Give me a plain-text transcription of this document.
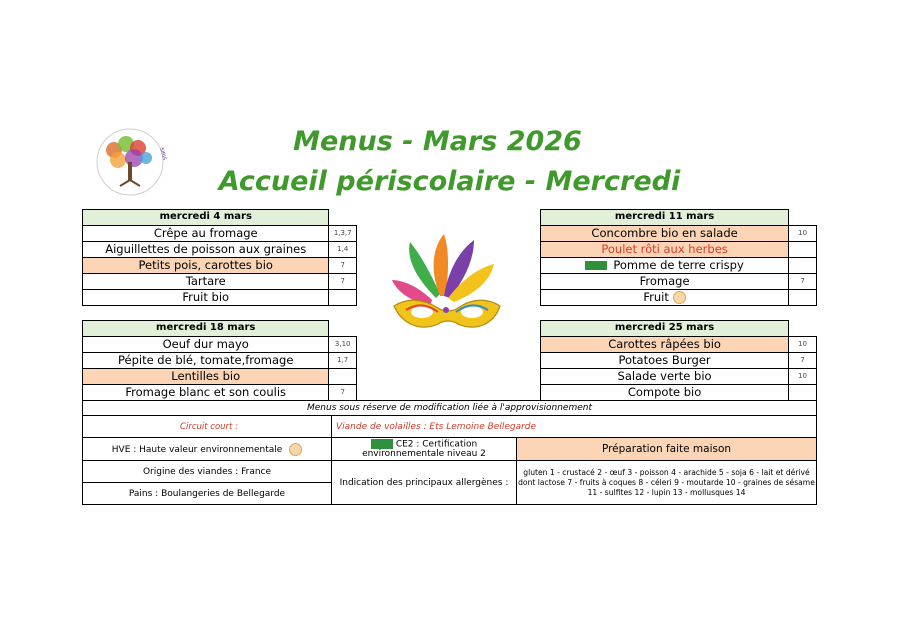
SIRIS	Menus - Mars 2026
Accueil périscolaire - Mercredi
mercredi 4 mars	
Crêpe au fromage	1,3,7
Aiguillettes de poisson aux graines	1,4
Petits pois, carottes bio	7
Tartare	7
Fruit bio	
mercredi 11 mars	
Concombre bio en salade	10
Poulet rôti aux herbes	
Pomme de terre crispy	
Fromage	7
Fruit	
mercredi 18 mars	
Oeuf dur mayo	3,10
Pépite de blé, tomate,fromage	1,7
Lentilles bio	
Fromage blanc et son coulis	7
mercredi 25 mars	
Carottes râpées bio	10
Potatoes Burger	7
Salade verte bio	10
Compote bio	
Menus sous réserve de modification liée à l'approvisionnement		
Circuit court :	Viande de volailles : Ets Lemoine Bellegarde	
HVE : Haute valeur environnementale	CE2 : Certification environnementale niveau 2	Préparation faite maison
Origine des viandes : France	Indication des principaux allergènes :	gluten 1 - crustacé 2 - œuf 3 - poisson 4 - arachide 5 - soja 6 - lait et dérivé dont lactose 7 - fruits à coques 8 - céleri 9 - moutarde 10 - graines de sésame 11 - sulfites 12 - lupin 13 - mollusques 14
Pains : Boulangeries de Bellegarde		
